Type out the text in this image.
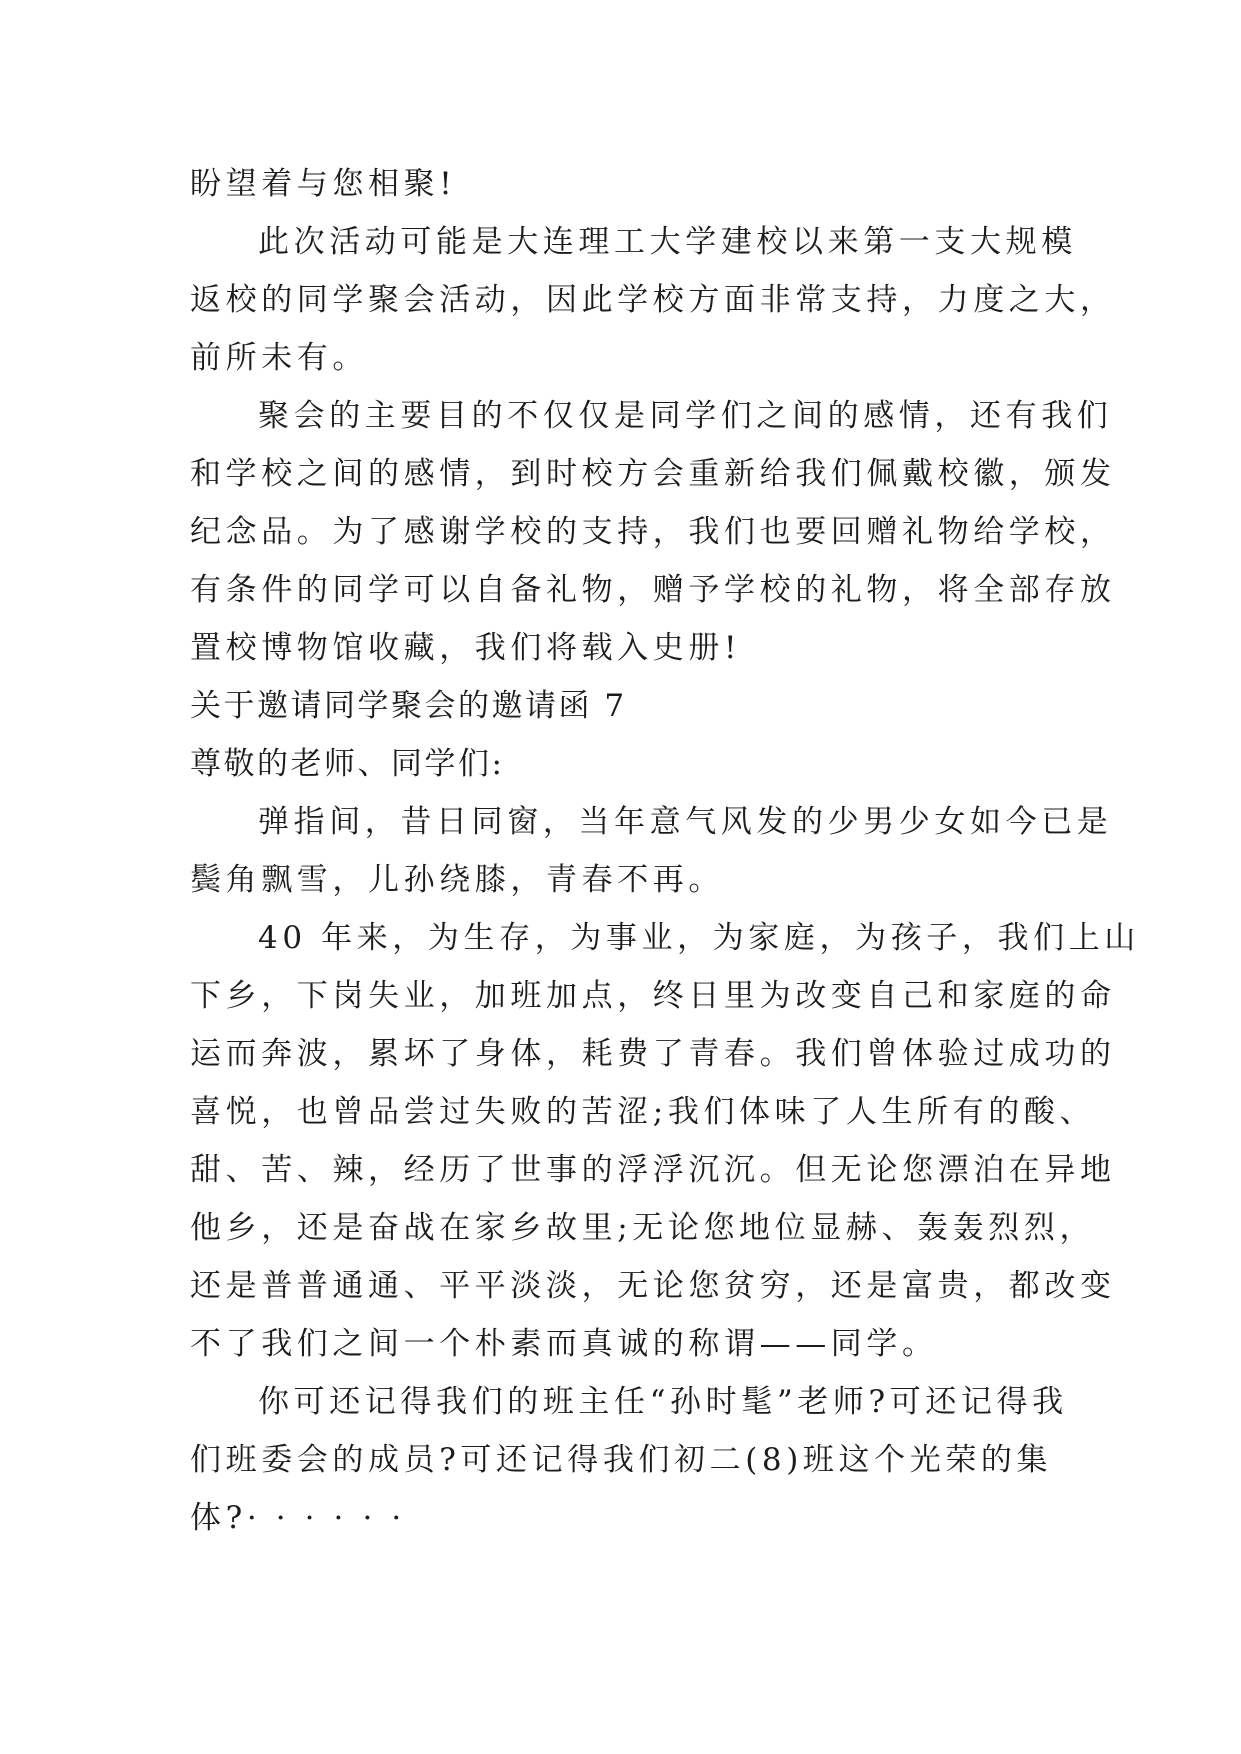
盼望着与您相聚!
此次活动可能是大连理工大学建校以来第一支大规模
返校的同学聚会活动，因此学校方面非常支持，力度之大，
前所未有。
聚会的主要目的不仅仅是同学们之间的感情，还有我们
和学校之间的感情，到时校方会重新给我们佩戴校徽，颁发
纪念品。为了感谢学校的支持，我们也要回赠礼物给学校，
有条件的同学可以自备礼物，赠予学校的礼物，将全部存放
置校博物馆收藏，我们将载入史册!
关于邀请同学聚会的邀请函 7
尊敬的老师、同学们:
弹指间，昔日同窗，当年意气风发的少男少女如今已是
鬓角飘雪，儿孙绕膝，青春不再。
40 年来，为生存，为事业，为家庭，为孩子，我们上山
下乡，下岗失业，加班加点，终日里为改变自己和家庭的命
运而奔波，累坏了身体，耗费了青春。我们曾体验过成功的
喜悦，也曾品尝过失败的苦涩;我们体味了人生所有的酸、
甜、苦、辣，经历了世事的浮浮沉沉。但无论您漂泊在异地
他乡，还是奋战在家乡故里;无论您地位显赫、轰轰烈烈，
还是普普通通、平平淡淡，无论您贫穷，还是富贵，都改变
不了我们之间一个朴素而真诚的称谓——同学。
你可还记得我们的班主任“孙时髦”老师?可还记得我
们班委会的成员?可还记得我们初二(8)班这个光荣的集
体?· · · · · ·
